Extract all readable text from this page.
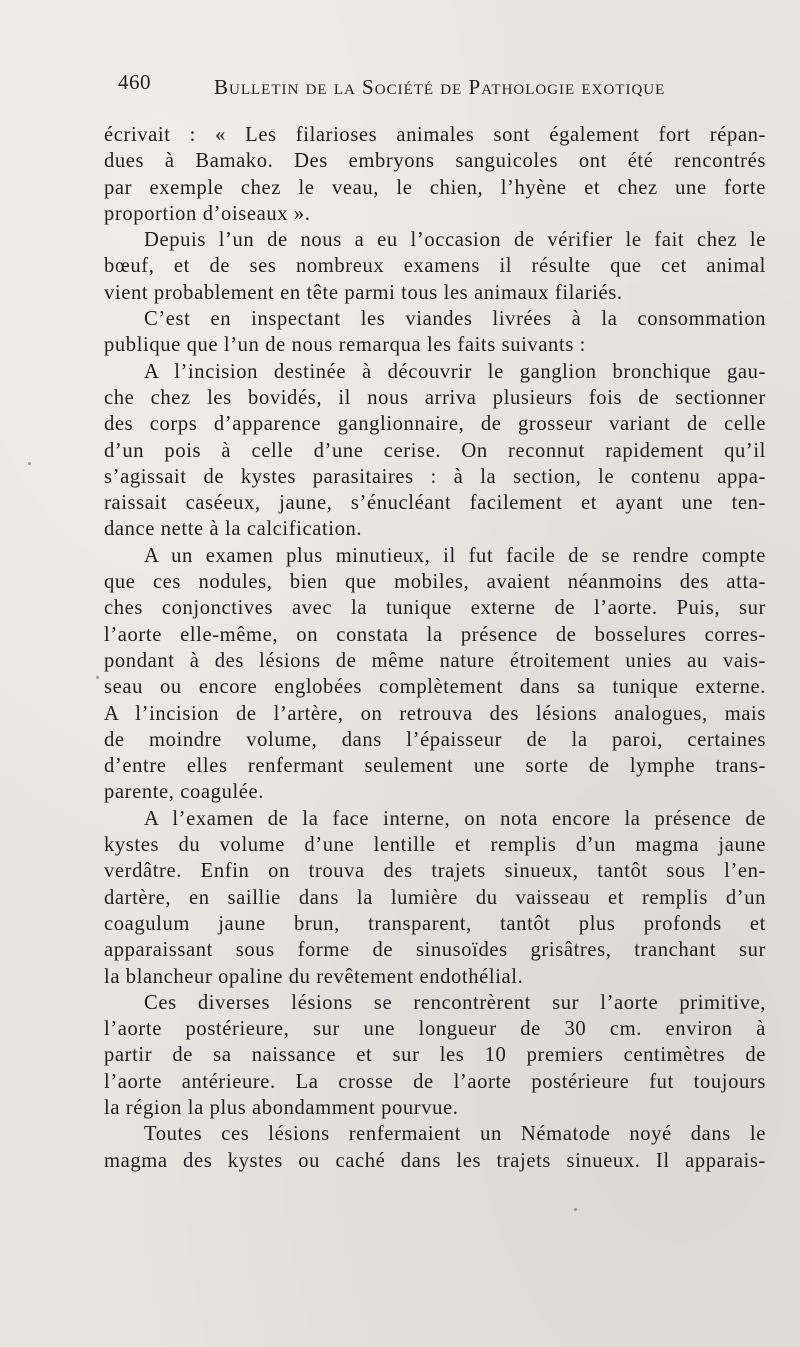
460	Bulletin de la Société de Pathologie exotique

écrivait : « Les filarioses animales sont également fort répan-
dues à Bamako. Des embryons sanguicoles ont été rencontrés
par exemple chez le veau, le chien, l’hyène et chez une forte
proportion d’oiseaux ».

Depuis l’un de nous a eu l’occasion de vérifier le fait chez le
bœuf, et de ses nombreux examens il résulte que cet animal
vient probablement en tête parmi tous les animaux filariés.

C’est en inspectant les viandes livrées à la consommation
publique que l’un de nous remarqua les faits suivants :

A l’incision destinée à découvrir le ganglion bronchique gau-
che chez les bovidés, il nous arriva plusieurs fois de sectionner
des corps d’apparence ganglionnaire, de grosseur variant de celle
d’un pois à celle d’une cerise. On reconnut rapidement qu’il
s’agissait de kystes parasitaires : à la section, le contenu appa-
raissait caséeux, jaune, s’énucléant facilement et ayant une ten-
dance nette à la calcification.

A un examen plus minutieux, il fut facile de se rendre compte
que ces nodules, bien que mobiles, avaient néanmoins des atta-
ches conjonctives avec la tunique externe de l’aorte. Puis, sur
l’aorte elle-même, on constata la présence de bosselures corres-
pondant à des lésions de même nature étroitement unies au vais-
seau ou encore englobées complètement dans sa tunique externe.
A l’incision de l’artère, on retrouva des lésions analogues, mais
de moindre volume, dans l’épaisseur de la paroi, certaines
d’entre elles renfermant seulement une sorte de lymphe trans-
parente, coagulée.

A l’examen de la face interne, on nota encore la présence de
kystes du volume d’une lentille et remplis d’un magma jaune
verdâtre. Enfin on trouva des trajets sinueux, tantôt sous l’en-
dartère, en saillie dans la lumière du vaisseau et remplis d’un
coagulum jaune brun, transparent, tantôt plus profonds et
apparaissant sous forme de sinusoïdes grisâtres, tranchant sur
la blancheur opaline du revêtement endothélial.

Ces diverses lésions se rencontrèrent sur l’aorte primitive,
l’aorte postérieure, sur une longueur de 30 cm. environ à
partir de sa naissance et sur les 10 premiers centimètres de
l’aorte antérieure. La crosse de l’aorte postérieure fut toujours
la région la plus abondamment pourvue.

Toutes ces lésions renfermaient un Nématode noyé dans le
magma des kystes ou caché dans les trajets sinueux. Il apparais-
